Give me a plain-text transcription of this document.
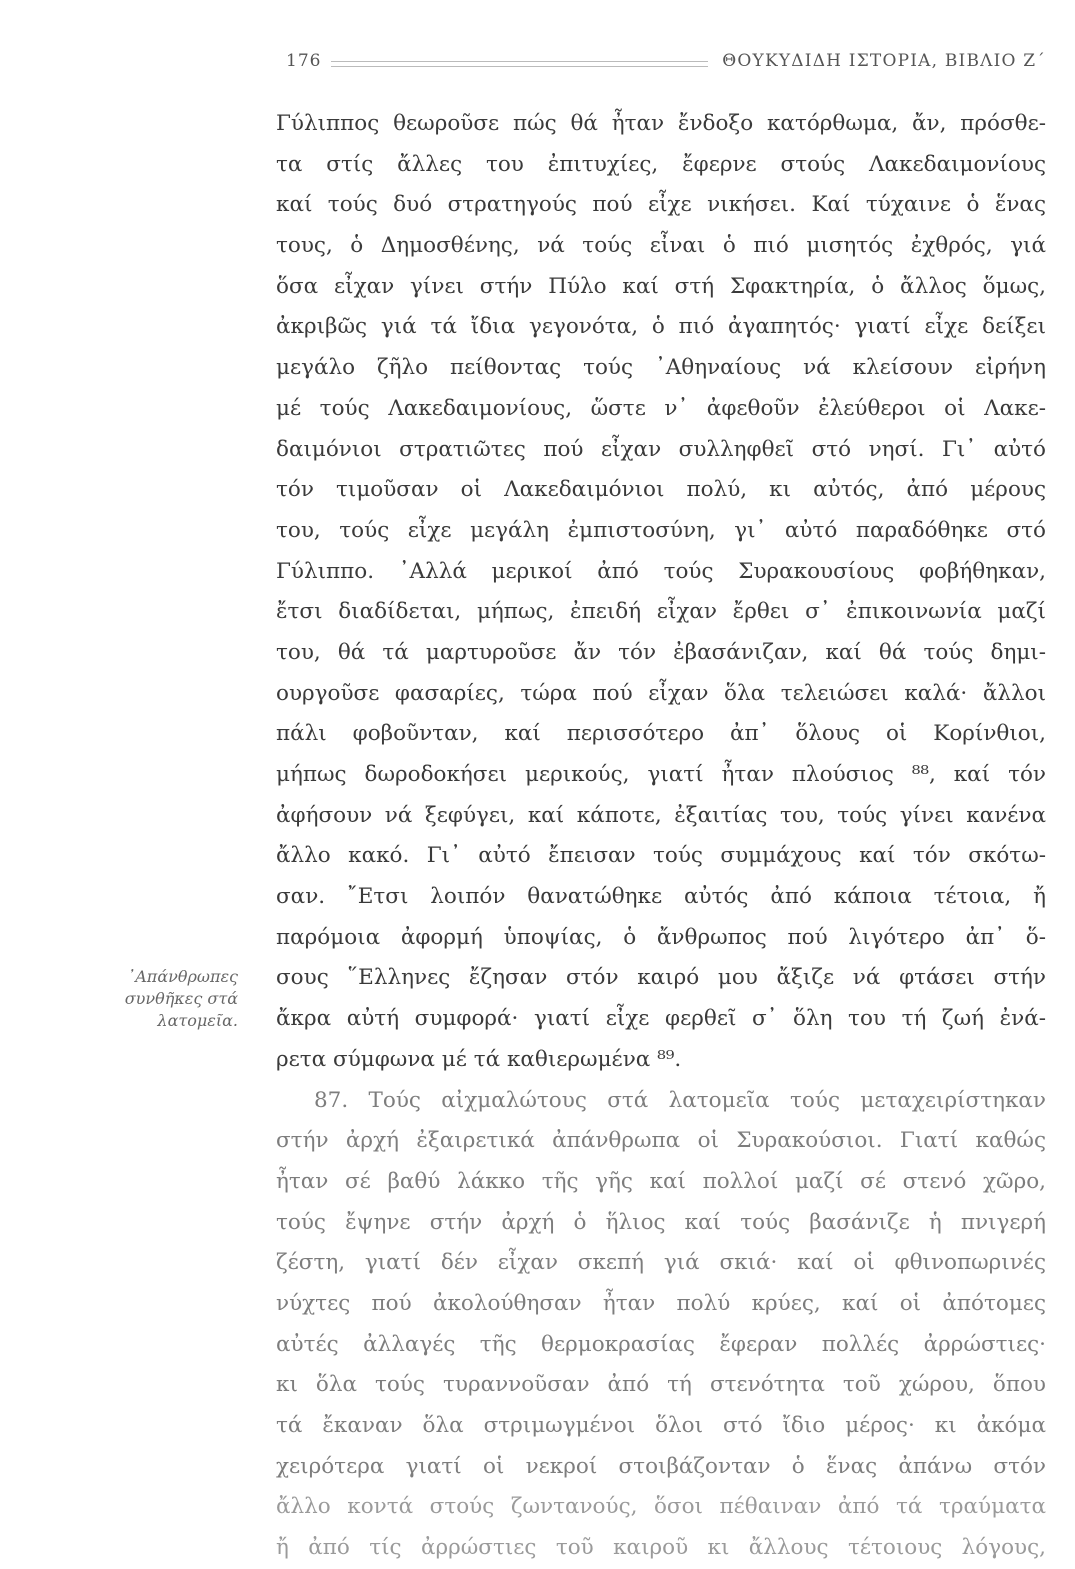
176	ΘΟΥΚΥΔΙΔΗ ΙΣΤΟΡΙΑ, ΒΙΒΛΙΟ Ζ΄
᾽Απάνθρωπες
συνθῆκες στά
λατομεῖα.
Γύλιππος θεωροῦσε πώς θά ἦταν ἔνδοξο κατόρθωμα, ἄν, πρόσθε-
τα στίς ἄλλες του ἐπιτυχίες, ἔφερνε στούς Λακεδαιμονίους
καί τούς δυό στρατηγούς πού εἶχε νικήσει. Καί τύχαινε ὁ ἕνας
τους, ὁ Δημοσθένης, νά τούς εἶναι ὁ πιό μισητός ἐχθρός, γιά
ὅσα εἶχαν γίνει στήν Πύλο καί στή Σφακτηρία, ὁ ἄλλος ὅμως,
ἀκριβῶς γιά τά ἴδια γεγονότα, ὁ πιό ἀγαπητός· γιατί εἶχε δείξει
μεγάλο ζῆλο πείθοντας τούς ᾽Αθηναίους νά κλείσουν εἰρήνη
μέ τούς Λακεδαιμονίους, ὥστε ν᾽ ἀφεθοῦν ἐλεύθεροι οἱ Λακε-
δαιμόνιοι στρατιῶτες πού εἶχαν συλληφθεῖ στό νησί. Γι᾽ αὐτό
τόν τιμοῦσαν οἱ Λακεδαιμόνιοι πολύ, κι αὐτός, ἀπό μέρους
του, τούς εἶχε μεγάλη ἐμπιστοσύνη, γι᾽ αὐτό παραδόθηκε στό
Γύλιππο. ᾽Αλλά μερικοί ἀπό τούς Συρακουσίους φοβήθηκαν,
ἔτσι διαδίδεται, μήπως, ἐπειδή εἶχαν ἔρθει σ᾽ ἐπικοινωνία μαζί
του, θά τά μαρτυροῦσε ἄν τόν ἐβασάνιζαν, καί θά τούς δημι-
ουργοῦσε φασαρίες, τώρα πού εἶχαν ὅλα τελειώσει καλά· ἄλλοι
πάλι φοβοῦνταν, καί περισσότερο ἀπ᾽ ὅλους οἱ Κορίνθιοι,
μήπως δωροδοκήσει μερικούς, γιατί ἦταν πλούσιος ⁸⁸, καί τόν
ἀφήσουν νά ξεφύγει, καί κάποτε, ἐξαιτίας του, τούς γίνει κανένα
ἄλλο κακό. Γι᾽ αὐτό ἔπεισαν τούς συμμάχους καί τόν σκότω-
σαν. ῎Ετσι λοιπόν θανατώθηκε αὐτός ἀπό κάποια τέτοια, ἤ
παρόμοια ἀφορμή ὑποψίας, ὁ ἄνθρωπος πού λιγότερο ἀπ᾽ ὅ-
σους ῞Ελληνες ἔζησαν στόν καιρό μου ἄξιζε νά φτάσει στήν
ἄκρα αὐτή συμφορά· γιατί εἶχε φερθεῖ σ᾽ ὅλη του τή ζωή ἐνά-
ρετα σύμφωνα μέ τά καθιερωμένα ⁸⁹.
87. Τούς αἰχμαλώτους στά λατομεῖα τούς μεταχειρίστηκαν
στήν ἀρχή ἐξαιρετικά ἀπάνθρωπα οἱ Συρακούσιοι. Γιατί καθώς
ἦταν σέ βαθύ λάκκο τῆς γῆς καί πολλοί μαζί σέ στενό χῶρο,
τούς ἔψηνε στήν ἀρχή ὁ ἥλιος καί τούς βασάνιζε ἡ πνιγερή
ζέστη, γιατί δέν εἶχαν σκεπή γιά σκιά· καί οἱ φθινοπωρινές
νύχτες πού ἀκολούθησαν ἦταν πολύ κρύες, καί οἱ ἀπότομες
αὐτές ἀλλαγές τῆς θερμοκρασίας ἔφεραν πολλές ἀρρώστιες·
κι ὅλα τούς τυραννοῦσαν ἀπό τή στενότητα τοῦ χώρου, ὅπου
τά ἔκαναν ὅλα στριμωγμένοι ὅλοι στό ἴδιο μέρος· κι ἀκόμα
χειρότερα γιατί οἱ νεκροί στοιβάζονταν ὁ ἕνας ἀπάνω στόν
ἄλλο κοντά στούς ζωντανούς, ὅσοι πέθαιναν ἀπό τά τραύματα
ἤ ἀπό τίς ἀρρώστιες τοῦ καιροῦ κι ἄλλους τέτοιους λόγους,
